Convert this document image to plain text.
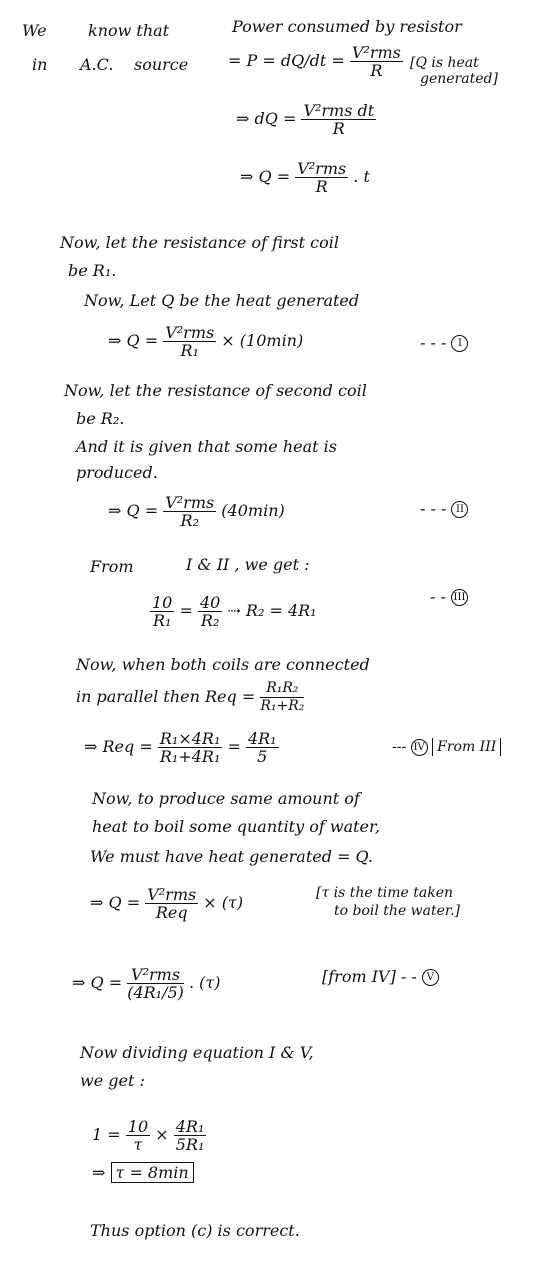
We	know that	Power consumed by resistor
in A.C. source = $P = dQ/dt = \frac{\text{V²rms}}{R} [Q$ is heat
generated]
⇒ dQ = $\frac{\text{V²rms dt}}{R}$
⇒ $Q = \frac{\text{V²rms}}{R}$ . t
Now, let the resistance of first coil
be R₁.
Now, Let Q be the heat generated
⇒ $Q = \frac{\text{V²rms}}{\text{R₁}} \times (10\min)$	- - - I
Now, let the resistance of second coil
be R₂.
And it is given that some heat is
produced.
⇒ $Q = \frac{\text{V²rms}}{\text{R₂}} (40\min)$	- - - II
From	I & II , we get :
$\frac{10}{\text{R₁}} = \frac{40}{\text{R₂}}$ ⇢ R₂ = 4R₁
- - III
Now, when both coils are connected
in parallel then Req = $\frac{\text{R₁R₂}}{\text{R₁+R₂}}$
⇒ Req = $\frac{\text{R₁×4R₁}}{\text{R₁+4R₁}} = \frac{\text{4R₁}}{5}$	--- IV From III
Now, to produce same amount of
heat to boil some quantity of water,
We must have heat generated = Q.
⇒ $Q = \frac{\text{V²rms}}{\text{Req}} \times (\tau)$	[τ is the time taken
to boil the water.]
⇒ $Q = \frac{\text{V²rms}}{\text{(4R₁/5)}}$ . (τ)	[from IV] - - V
Now dividing equation I & V,
we get :
$1 = \frac{10}{\tau} \times \frac{\text{4R₁}}{\text{5R₁}}$
⇒ τ = 8min
Thus option (c) is correct.
